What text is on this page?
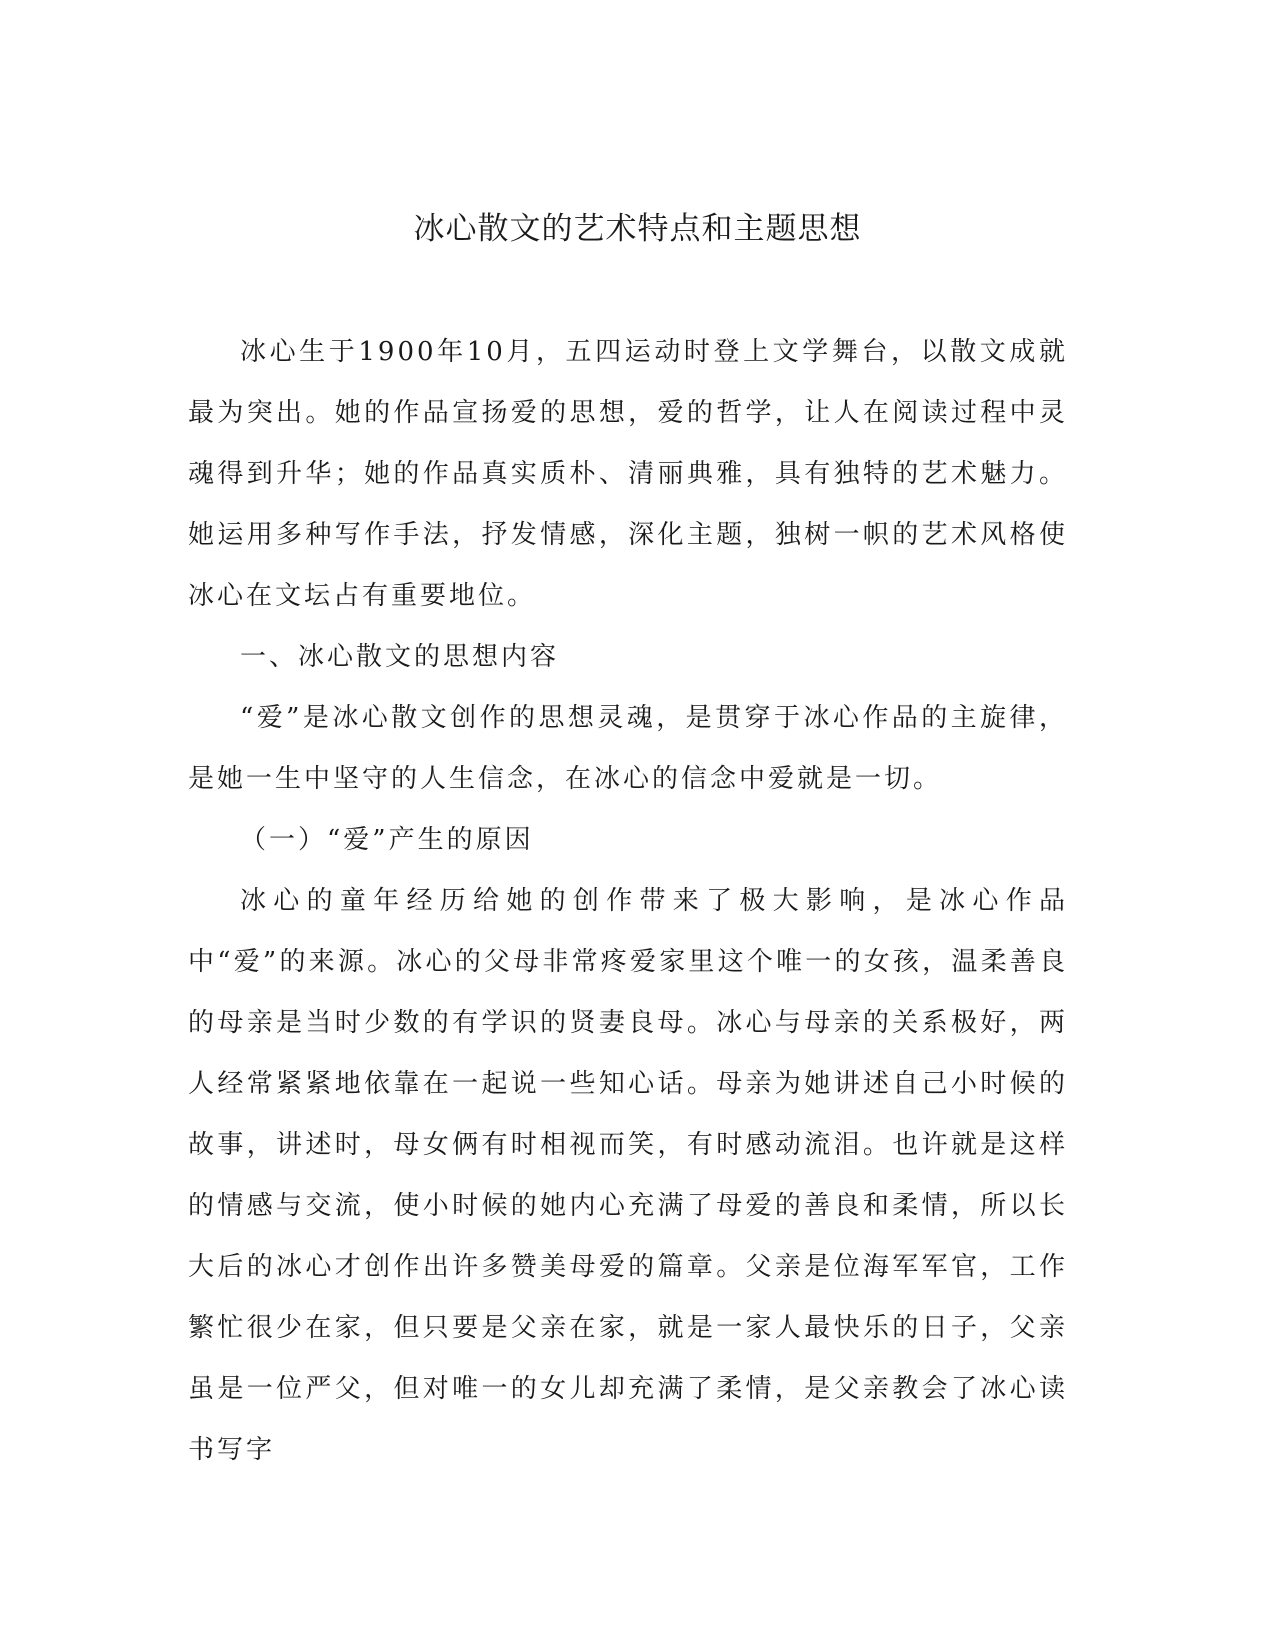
冰心散文的艺术特点和主题思想

冰心生于1900年10月，五四运动时登上文学舞台，以散文成就最为突出。她的作品宣扬爱的思想，爱的哲学，让人在阅读过程中灵魂得到升华；她的作品真实质朴、清丽典雅，具有独特的艺术魅力。她运用多种写作手法，抒发情感，深化主题，独树一帜的艺术风格使冰心在文坛占有重要地位。

一、冰心散文的思想内容

“爱”是冰心散文创作的思想灵魂，是贯穿于冰心作品的主旋律，是她一生中坚守的人生信念，在冰心的信念中爱就是一切。

（一）“爱”产生的原因

冰心的童年经历给她的创作带来了极大影响，是冰心作品中“爱”的来源。冰心的父母非常疼爱家里这个唯一的女孩，温柔善良的母亲是当时少数的有学识的贤妻良母。冰心与母亲的关系极好，两人经常紧紧地依靠在一起说一些知心话。母亲为她讲述自己小时候的故事，讲述时，母女俩有时相视而笑，有时感动流泪。也许就是这样的情感与交流，使小时候的她内心充满了母爱的善良和柔情，所以长大后的冰心才创作出许多赞美母爱的篇章。父亲是位海军军官，工作繁忙很少在家，但只要是父亲在家，就是一家人最快乐的日子，父亲虽是一位严父，但对唯一的女儿却充满了柔情，是父亲教会了冰心读书写字
